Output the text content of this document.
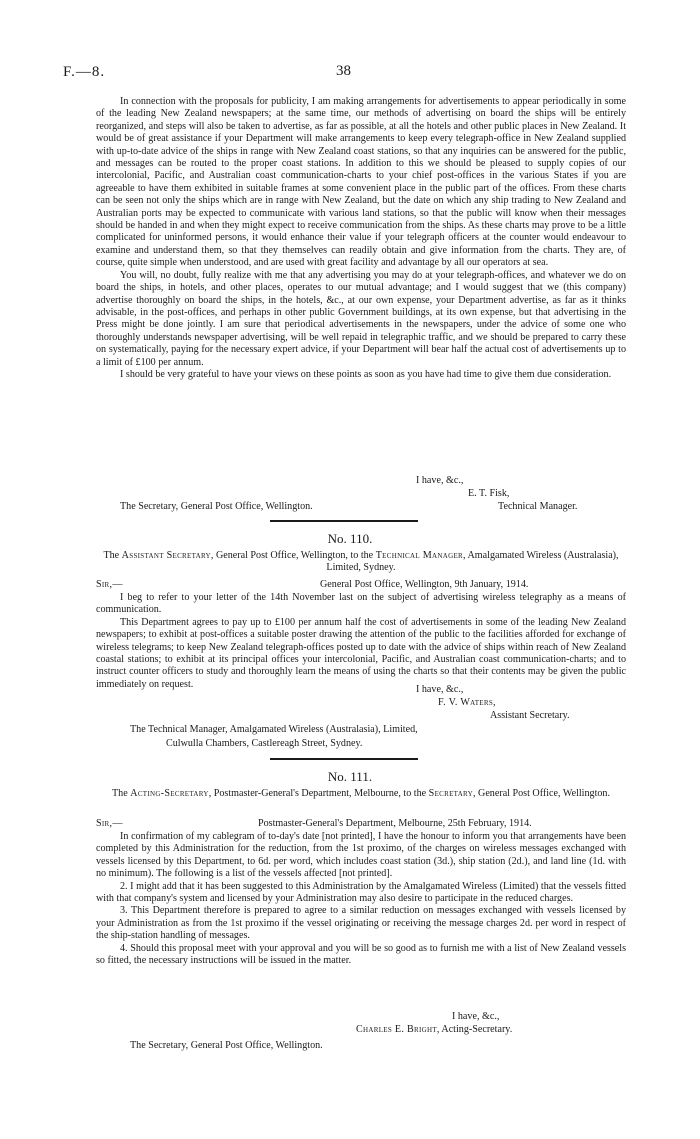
F.—8.	38

In connection with the proposals for publicity, I am making arrangements for advertisements to appear periodically in some of the leading New Zealand newspapers; at the same time, our methods of advertising on board the ships will be entirely reorganized, and steps will also be taken to advertise, as far as possible, at all the hotels and other public places in New Zealand. It would be of great assistance if your Department will make arrangements to keep every telegraph-office in New Zealand supplied with up-to-date advice of the ships in range with New Zealand coast stations, so that any inquiries can be answered for the public, and messages can be routed to the proper coast stations. In addition to this we should be pleased to supply copies of our intercolonial, Pacific, and Australian coast communication-charts to your chief post-offices in the various States if you are agreeable to have them exhibited in suitable frames at some convenient place in the public part of the offices. From these charts can be seen not only the ships which are in range with New Zealand, but the date on which any ship trading to New Zealand and Australian ports may be expected to communicate with various land stations, so that the public will know when their messages should be handed in and when they might expect to receive communication from the ships. As these charts may prove to be a little complicated for uninformed persons, it would enhance their value if your telegraph officers at the counter would endeavour to examine and understand them, so that they themselves can readily obtain and give information from the charts. They are, of course, quite simple when understood, and are used with great facility and advantage by all our operators at sea.

You will, no doubt, fully realize with me that any advertising you may do at your telegraph-offices, and whatever we do on board the ships, in hotels, and other places, operates to our mutual advantage; and I would suggest that we (this company) advertise thoroughly on board the ships, in the hotels, &c., at our own expense, your Department advertise, as far as it thinks advisable, in the post-offices, and perhaps in other public Government buildings, at its own expense, but that advertising in the Press might be done jointly. I am sure that periodical advertisements in the newspapers, under the advice of some one who thoroughly understands newspaper advertising, will be well repaid in telegraphic traffic, and we should be prepared to carry these on systematically, paying for the necessary expert advice, if your Department will bear half the actual cost of advertisements up to a limit of £100 per annum.

I should be very grateful to have your views on these points as soon as you have had time to give them due consideration.

I have, &c.,
E. T. Fisk,
The Secretary, General Post Office, Wellington.	Technical Manager.
No. 110.

The Assistant Secretary, General Post Office, Wellington, to the Technical Manager, Amalgamated Wireless (Australasia), Limited, Sydney.

Sir,—	General Post Office, Wellington, 9th January, 1914.

I beg to refer to your letter of the 14th November last on the subject of advertising wireless telegraphy as a means of communication.

This Department agrees to pay up to £100 per annum half the cost of advertisements in some of the leading New Zealand newspapers; to exhibit at post-offices a suitable poster drawing the attention of the public to the facilities afforded for exchange of wireless telegrams; to keep New Zealand telegraph-offices posted up to date with the advice of ships within reach of New Zealand coastal stations; to exhibit at its principal offices your intercolonial, Pacific, and Australian coast communication-charts; and to instruct counter officers to study and thoroughly learn the means of using the charts so that their contents may be given the public immediately on request.	I have, &c.,
F. V. Waters,
Assistant Secretary.
The Technical Manager, Amalgamated Wireless (Australasia), Limited,
Culwulla Chambers, Castlereagh Street, Sydney.
No. 111.

The Acting-Secretary, Postmaster-General's Department, Melbourne, to the Secretary, General Post Office, Wellington.

Sir,—	Postmaster-General's Department, Melbourne, 25th February, 1914.

In confirmation of my cablegram of to-day's date [not printed], I have the honour to inform you that arrangements have been completed by this Administration for the reduction, from the 1st proximo, of the charges on wireless messages exchanged with vessels licensed by this Department, to 6d. per word, which includes coast station (3d.), ship station (2d.), and land line (1d. with no minimum). The following is a list of the vessels affected [not printed].

2. I might add that it has been suggested to this Administration by the Amalgamated Wireless (Limited) that the vessels fitted with that company's system and licensed by your Administration may also desire to participate in the reduced charges.

3. This Department therefore is prepared to agree to a similar reduction on messages exchanged with vessels licensed by your Administration as from the 1st proximo if the vessel originating or receiving the message charges 2d. per word in respect of the ship-station handling of messages.

4. Should this proposal meet with your approval and you will be so good as to furnish me with a list of New Zealand vessels so fitted, the necessary instructions will be issued in the matter.

I have, &c.,
Charles E. Bright, Acting-Secretary.
The Secretary, General Post Office, Wellington.
